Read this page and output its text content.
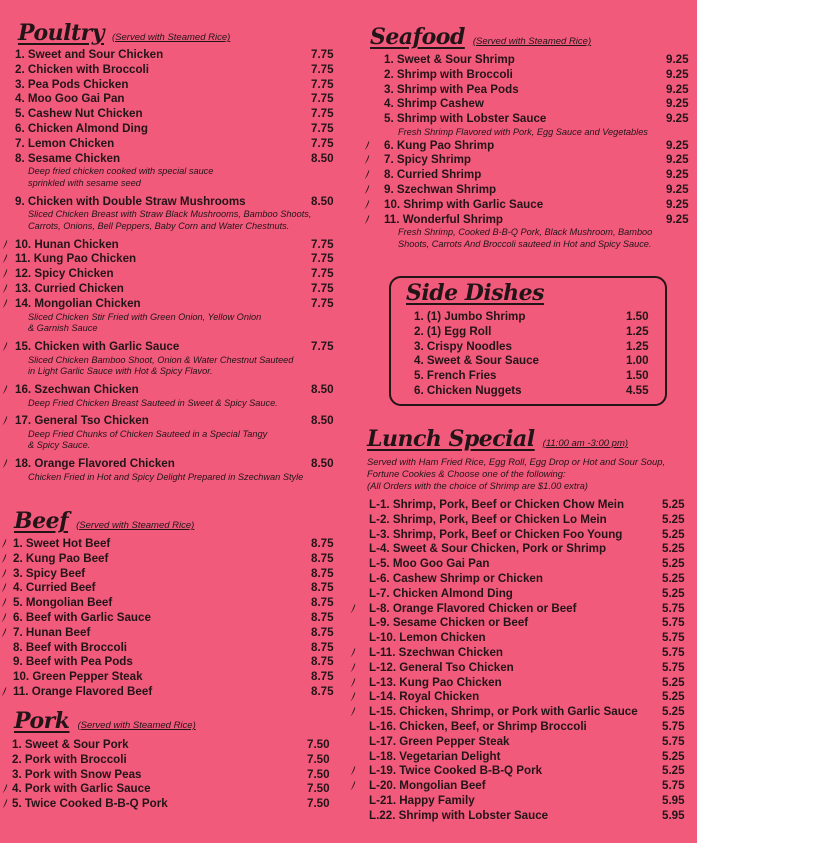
Poultry (Served with Steamed Rice)
1. Sweet and Sour Chicken	7.75
2. Chicken with Broccoli	7.75
3. Pea Pods Chicken	7.75
4. Moo Goo Gai Pan	7.75
5. Cashew Nut Chicken	7.75
6. Chicken Almond Ding	7.75
7. Lemon Chicken	7.75
8. Sesame Chicken	8.50
Deep fried chicken cooked with special sauce
sprinkled with sesame seed
9. Chicken with Double Straw Mushrooms	8.50
Sliced Chicken Breast with Straw Black Mushrooms, Bamboo Shoots,
Carrots, Onions, Bell Peppers, Baby Corn and Water Chestnuts.
10. Hunan Chicken	7.75
11. Kung Pao Chicken	7.75
12. Spicy Chicken	7.75
13. Curried Chicken	7.75
14. Mongolian Chicken	7.75
Sliced Chicken Stir Fried with Green Onion, Yellow Onion
& Garnish Sauce
15. Chicken with Garlic Sauce	7.75
Sliced Chicken Bamboo Shoot, Onion & Water Chestnut Sauteed
in Light Garlic Sauce with Hot & Spicy Flavor.
16. Szechwan Chicken	8.50
Deep Fried Chicken Breast Sauteed in Sweet & Spicy Sauce.
17. General Tso Chicken	8.50
Deep Fried Chunks of Chicken Sauteed in a Special Tangy
& Spicy Sauce.
18. Orange Flavored Chicken	8.50
Chicken Fried in Hot and Spicy Delight Prepared in Szechwan Style
Beef (Served with Steamed Rice)
1. Sweet Hot Beef	8.75
2. Kung Pao Beef	8.75
3. Spicy Beef	8.75
4. Curried Beef	8.75
5. Mongolian Beef	8.75
6. Beef with Garlic Sauce	8.75
7. Hunan Beef	8.75
8. Beef with Broccoli	8.75
9. Beef with Pea Pods	8.75
10. Green Pepper Steak	8.75
11. Orange Flavored Beef	8.75
Pork (Served with Steamed Rice)
1. Sweet & Sour Pork	7.50
2. Pork with Broccoli	7.50
3. Pork with Snow Peas	7.50
4. Pork with Garlic Sauce	7.50
5. Twice Cooked B-B-Q Pork	7.50
Seafood (Served with Steamed Rice)
1. Sweet & Sour Shrimp	9.25
2. Shrimp with Broccoli	9.25
3. Shrimp with Pea Pods	9.25
4. Shrimp Cashew	9.25
5. Shrimp with Lobster Sauce	9.25
Fresh Shrimp Flavored with Pork, Egg Sauce and Vegetables
6. Kung Pao Shrimp	9.25
7. Spicy Shrimp	9.25
8. Curried Shrimp	9.25
9. Szechwan Shrimp	9.25
10. Shrimp with Garlic Sauce	9.25
11. Wonderful Shrimp	9.25
Fresh Shrimp, Cooked B-B-Q Pork, Black Mushroom, Bamboo
Shoots, Carrots And Broccoli sauteed in Hot and Spicy Sauce.
Side Dishes
1. (1) Jumbo Shrimp	1.50
2. (1) Egg Roll	1.25
3. Crispy Noodles	1.25
4. Sweet & Sour Sauce	1.00
5. French Fries	1.50
6. Chicken Nuggets	4.55
Lunch Special (11:00 am -3:00 pm)
Served with Ham Fried Rice, Egg Roll, Egg Drop or Hot and Sour Soup,
Fortune Cookies & Choose one of the following:
(All Orders with the choice of Shrimp are $1.00 extra)
L-1. Shrimp, Pork, Beef or Chicken Chow Mein	5.25
L-2. Shrimp, Pork, Beef or Chicken Lo Mein	5.25
L-3. Shrimp, Pork, Beef or Chicken Foo Young	5.25
L-4. Sweet & Sour Chicken, Pork or Shrimp	5.25
L-5. Moo Goo Gai Pan	5.25
L-6. Cashew Shrimp or Chicken	5.25
L-7. Chicken Almond Ding	5.25
L-8. Orange Flavored Chicken or Beef	5.75
L-9. Sesame Chicken or Beef	5.75
L-10. Lemon Chicken	5.75
L-11. Szechwan Chicken	5.75
L-12. General Tso Chicken	5.75
L-13. Kung Pao Chicken	5.25
L-14. Royal Chicken	5.25
L-15. Chicken, Shrimp, or Pork with Garlic Sauce 5.25
L-16. Chicken, Beef, or Shrimp Broccoli	5.75
L-17. Green Pepper Steak	5.75
L-18. Vegetarian Delight	5.25
L-19. Twice Cooked B-B-Q Pork	5.25
L-20. Mongolian Beef	5.75
L-21. Happy Family	5.95
L.22. Shrimp with Lobster Sauce	5.95
